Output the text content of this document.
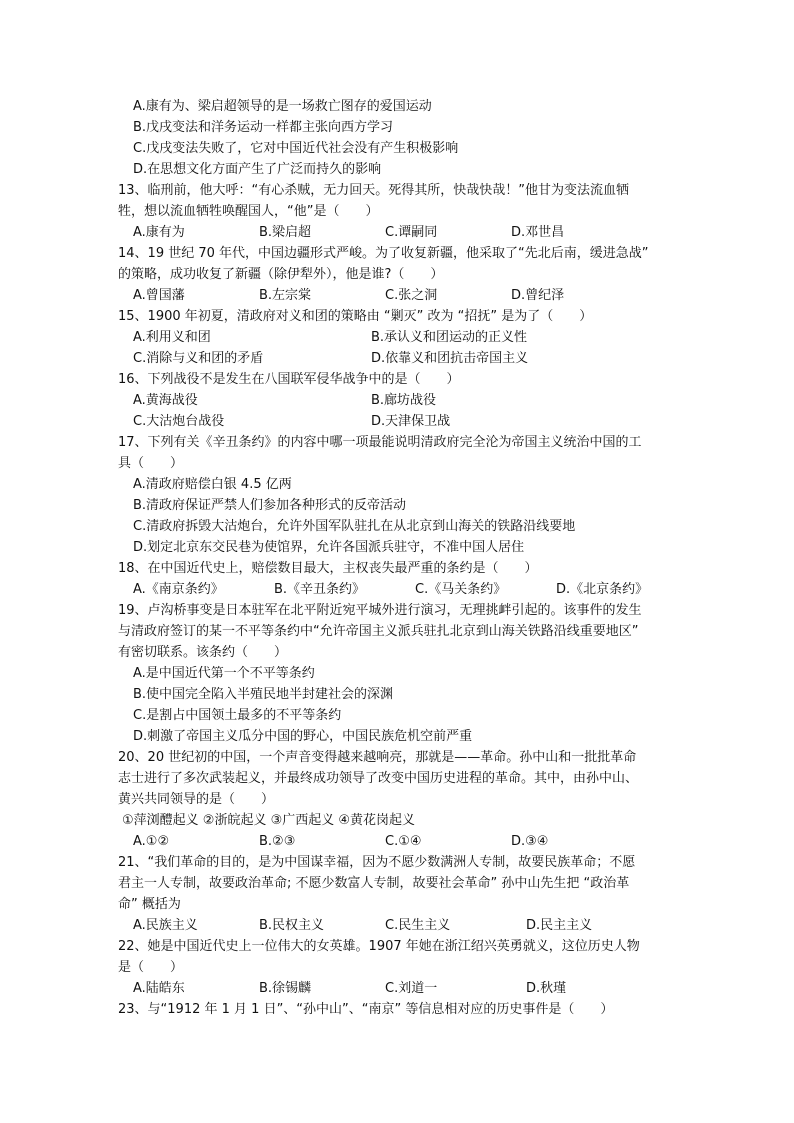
A.康有为、梁启超领导的是一场救亡图存的爱国运动
B.戊戌变法和洋务运动一样都主张向西方学习
C.戊戌变法失败了，它对中国近代社会没有产生积极影响
D.在思想文化方面产生了广泛而持久的影响
13、临刑前，他大呼：“有心杀贼，无力回天。死得其所，快哉快哉！”他甘为变法流血牺
牲，想以流血牺牲唤醒国人，“他”是（　　）
A.康有为	B.梁启超	C.谭嗣同	D.邓世昌
14、19 世纪 70 年代，中国边疆形式严峻。为了收复新疆，他采取了“先北后南，缓进急战”
的策略，成功收复了新疆（除伊犁外），他是谁?（　　）
A.曾国藩	B.左宗棠	C.张之洞	D.曾纪泽
15、1900 年初夏，清政府对义和团的策略由 “剿灭” 改为 “招抚” 是为了（　　）
A.利用义和团	B.承认义和团运动的正义性
C.消除与义和团的矛盾	D.依靠义和团抗击帝国主义
16、下列战役不是发生在八国联军侵华战争中的是（　　）
A.黄海战役	B.廊坊战役
C.大沽炮台战役	D.天津保卫战
17、下列有关《辛丑条约》的内容中哪一项最能说明清政府完全沦为帝国主义统治中国的工
具（　　）
A.清政府赔偿白银 4.5 亿两
B.清政府保证严禁人们参加各种形式的反帝活动
C.清政府拆毁大沽炮台，允许外国军队驻扎在从北京到山海关的铁路沿线要地
D.划定北京东交民巷为使馆界，允许各国派兵驻守，不准中国人居住
18、在中国近代史上，赔偿数目最大，主权丧失最严重的条约是（　　）
A.《南京条约》	B.《辛丑条约》	C.《马关条约》	D.《北京条约》
19、卢沟桥事变是日本驻军在北平附近宛平城外进行演习，无理挑衅引起的。该事件的发生
与清政府签订的某一不平等条约中“允许帝国主义派兵驻扎北京到山海关铁路沿线重要地区”
有密切联系。该条约（　　）
A.是中国近代第一个不平等条约
B.使中国完全陷入半殖民地半封建社会的深渊
C.是割占中国领土最多的不平等条约
D.刺激了帝国主义瓜分中国的野心，中国民族危机空前严重
20、20 世纪初的中国，一个声音变得越来越响亮，那就是——革命。孙中山和一批批革命
志士进行了多次武装起义，并最终成功领导了改变中国历史进程的革命。其中，由孙中山、
黄兴共同领导的是（　　）
①萍浏醴起义 ②浙皖起义 ③广西起义 ④黄花岗起义
A.①②	B.②③	C.①④	D.③④
21、“我们革命的目的，是为中国谋幸福，因为不愿少数满洲人专制，故要民族革命；不愿
君主一人专制，故要政治革命; 不愿少数富人专制，故要社会革命” 孙中山先生把 “政治革
命” 概括为
A.民族主义	B.民权主义	C.民生主义	D.民主主义
22、她是中国近代史上一位伟大的女英雄。1907 年她在浙江绍兴英勇就义，这位历史人物
是（　　）
A.陆皓东	B.徐锡麟	C.刘道一	D.秋瑾
23、与“1912 年 1 月 1 日”、“孙中山”、“南京” 等信息相对应的历史事件是（　　）
